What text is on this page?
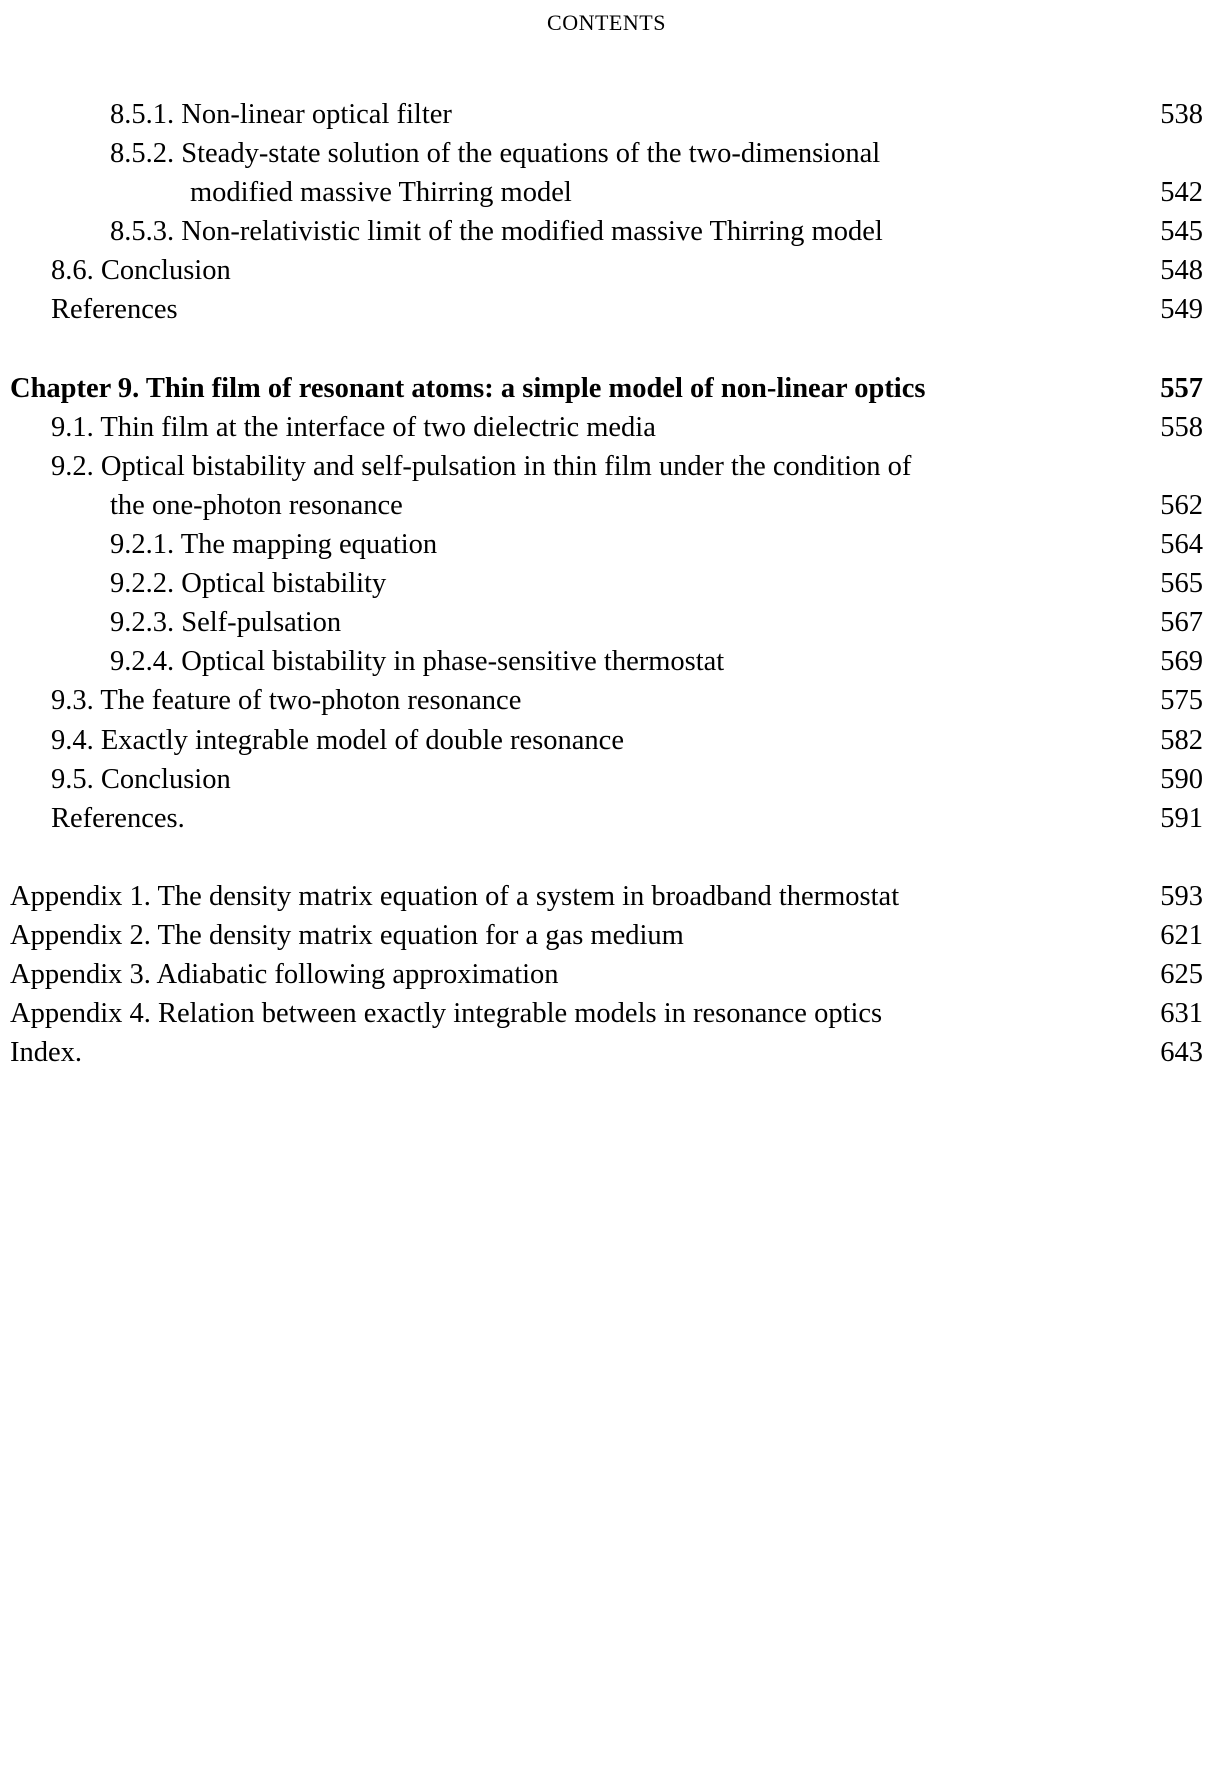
CONTENTS
8.5.1. Non-linear optical filter	538
8.5.2. Steady-state solution of the equations of the two-dimensional
modified massive Thirring model	542
8.5.3. Non-relativistic limit of the modified massive Thirring model	545
8.6. Conclusion	548
References	549
Chapter 9. Thin film of resonant atoms: a simple model of non-linear optics	557
9.1. Thin film at the interface of two dielectric media	558
9.2. Optical bistability and self-pulsation in thin film under the condition of
the one-photon resonance	562
9.2.1. The mapping equation	564
9.2.2. Optical bistability	565
9.2.3. Self-pulsation	567
9.2.4. Optical bistability in phase-sensitive thermostat	569
9.3. The feature of two-photon resonance	575
9.4. Exactly integrable model of double resonance	582
9.5. Conclusion	590
References.	591
Appendix 1. The density matrix equation of a system in broadband thermostat	593
Appendix 2. The density matrix equation for a gas medium	621
Appendix 3. Adiabatic following approximation	625
Appendix 4. Relation between exactly integrable models in resonance optics	631
Index.	643
